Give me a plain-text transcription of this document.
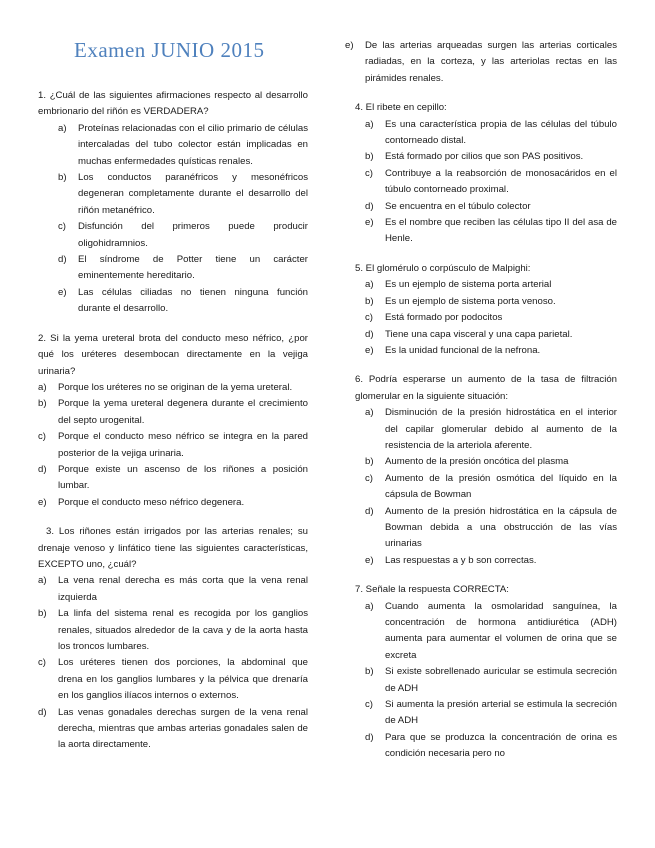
Examen JUNIO 2015
1. ¿Cuál de las siguientes afirmaciones respecto al desarrollo embrionario del riñón es VERDADERA?
a)	Proteínas relacionadas con el cilio primario de células intercaladas del tubo colector están implicadas en muchas enfermedades quísticas renales.
b)	Los conductos paranéfricos y mesonéfricos degeneran completamente durante el desarrollo del riñón metanéfrico.
c)	Disfunción del primeros puede producir oligohidramnios.
d)	El síndrome de Potter tiene un carácter eminentemente hereditario.
e)	Las células ciliadas no tienen ninguna función durante el desarrollo.
2. Si la yema ureteral brota del conducto meso néfrico, ¿por qué los uréteres desembocan directamente en la vejiga urinaria?
a)	Porque los uréteres no se originan de la yema ureteral.
b)	Porque la yema ureteral degenera durante el crecimiento del septo urogenital.
c)	Porque el conducto meso néfrico se integra en la pared posterior de la vejiga urinaria.
d)	Porque existe un ascenso de los riñones a posición lumbar.
e)	Porque el conducto meso néfrico degenera.
3. Los riñones están irrigados por las arterias renales; su drenaje venoso y linfático tiene las siguientes características, EXCEPTO uno, ¿cuál?
a)	La vena renal derecha es más corta que la vena renal izquierda
b)	La linfa del sistema renal es recogida por los ganglios renales, situados alrededor de la cava y de la aorta hasta los troncos lumbares.
c)	Los uréteres tienen dos porciones, la abdominal que drena en los ganglios lumbares y la pélvica que drenaría en los ganglios ilíacos internos o externos.
d)	Las venas gonadales derechas surgen de la vena renal derecha, mientras que ambas arterias gonadales salen de la aorta directamente.
e)	De las arterias arqueadas surgen las arterias corticales radiadas, en la corteza, y las arteriolas rectas en las pirámides renales.
4. El ribete en cepillo:
a)	Es una característica propia de las células del túbulo contorneado distal.
b)	Está formado por cilios que son PAS positivos.
c)	Contribuye a la reabsorción de monosacáridos en el túbulo contorneado proximal.
d)	Se encuentra en el túbulo colector
e)	Es el nombre que reciben las células tipo II del asa de Henle.
5. El glomérulo o corpúsculo de Malpighi:
a)	Es un ejemplo de sistema porta arterial
b)	Es un ejemplo de sistema porta venoso.
c)	Está formado por podocitos
d)	Tiene una capa visceral y una capa parietal.
e)	Es la unidad funcional de la nefrona.
6. Podría esperarse un aumento de la tasa de filtración glomerular en la siguiente situación:
a)	Disminución de la presión hidrostática en el interior del capilar glomerular debido al aumento de la resistencia de la arteriola aferente.
b)	Aumento de la presión oncótica del plasma
c)	Aumento de la presión osmótica del líquido en la cápsula de Bowman
d)	Aumento de la presión hidrostática en la cápsula de Bowman debida a una obstrucción de las vías urinarias
e)	Las respuestas a y b son correctas.
7. Señale la respuesta CORRECTA:
a)	Cuando aumenta la osmolaridad sanguínea, la concentración de hormona antidiurética (ADH) aumenta para aumentar el volumen de orina que se excreta
b)	Si existe sobrellenado auricular se estimula secreción de ADH
c)	Si aumenta la presión arterial se estimula la secreción de ADH
d)	Para que se produzca la concentración de orina es condición necesaria pero no
